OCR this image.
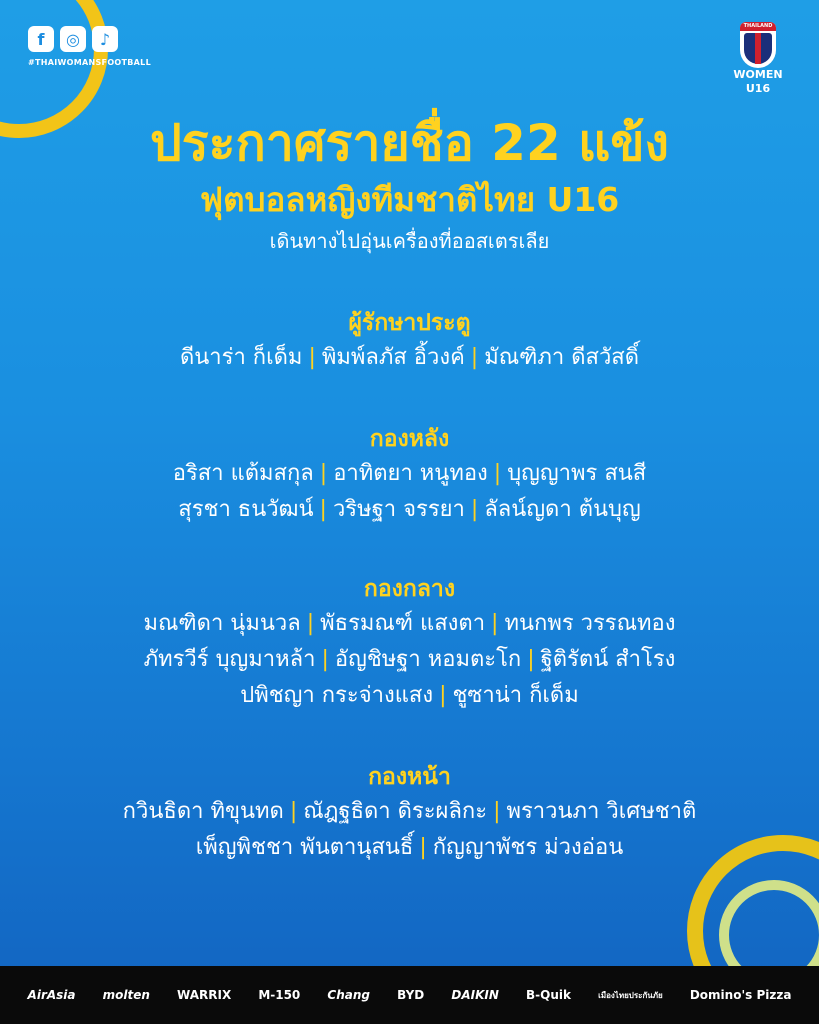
f	◎	♪
#THAIWOMANSFOOTBALL
THAILAND
WOMEN
U16
ประกาศรายชื่อ 22 แข้ง
ฟุตบอลหญิงทีมชาติไทย U16
เดินทางไปอุ่นเครื่องที่ออสเตรเลีย
ผู้รักษาประตู
ดีนาร่า ก็เด็ม | พิมพ์ลภัส อิ้วงค์ | มัณฑิภา ดีสวัสดิ์
กองหลัง
อริสา แต้มสกุล | อาทิตยา หนูทอง | บุญญาพร สนสี
สุรชา ธนวัฒน์ | วริษฐา จรรยา | ลัลน์ญดา ต้นบุญ
กองกลาง
มณฑิดา นุ่มนวล | พัธรมณฑ์ แสงตา | ทนกพร วรรณทอง
ภัทรวีร์ บุญมาหล้า | อัญชิษฐา หอมตะโก | ฐิติรัตน์ สำโรง
ปพิชญา กระจ่างแสง | ชูซาน่า ก็เด็ม
กองหน้า
กวินธิดา ทิขุนทด | ณัฎฐธิดา ดิระผลิกะ | พราวนภา วิเศษชาติ
เพ็ญพิชชา พันตานุสนธิ์ | กัญญาพัชร ม่วงอ่อน
AirAsia molten WARRIX M-150 Chang BYD DAIKIN B-Quik	เมืองไทยประกันภัย Domino's Pizza
